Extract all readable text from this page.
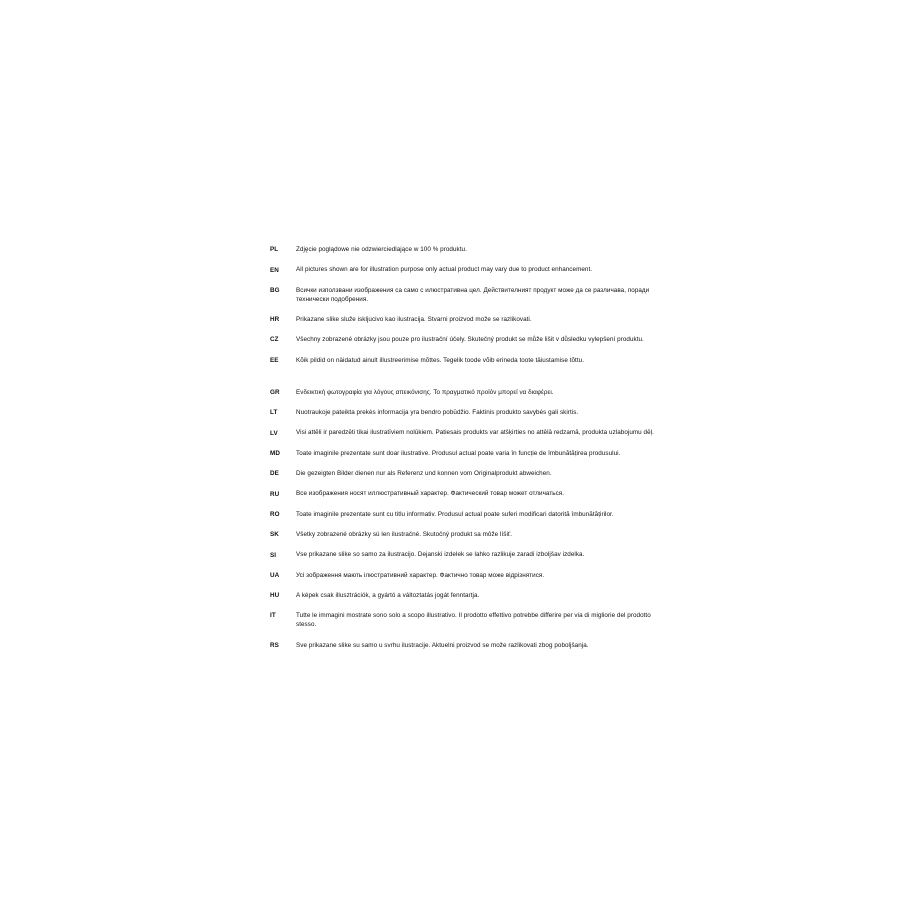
PL	Zdjęcie poglądowe nie odzwierciedlające w 100 % produktu.
EN	All pictures shown are for illustration purpose only actual product may vary due to product enhancement.
BG	Всички използвани изображения са само с илюстративна цел. Действителният продукт може да се различава, поради технически подобрения.
HR	Prikazane slike služe iskljucivo kao ilustracija. Stvarni proizvod može se razlikovati.
CZ	Všechny zobrazené obrázky jsou pouze pro ilustrační účely. Skutečný produkt se může lišit v důsledku vylepšení produktu.
EE	Kõik pildid on näidatud ainult illustreerimise mõttes. Tegelik toode võib erineda toote täiustamise tõttu.
GR	Ενδεικτική φωτογραφία για λόγους απεικόνισης. Το πραγματικό προϊόν μπορεί να διαφέρει.
LT	Nuotraukoje pateikta prekės informacija yra bendro pobūdžio. Faktinis produkto savybės gali skirtis.
LV	Visi attēli ir paredzēti tikai ilustratīviem nolūkiem. Patiesais produkts var atšķirties no attēlā redzamā, produkta uzlabojumu dēļ.
MD	Toate imaginile prezentate sunt doar ilustrative. Produsul actual poate varia în funcție de îmbunătățirea produsului.
DE	Die gezeigten Bilder dienen nur als Referenz und konnen vom Originalprodukt abweichen.
RU	Все изображения носят иллюстративный характер. Фактический товар может отличаться.
RO	Toate imaginile prezentate sunt cu titlu informativ. Produsul actual poate suferi modificari datorită îmbunătățirilor.
SK	Všetky zobrazené obrázky sú len ilustračné. Skutočný produkt sa môže líšiť.
SI	Vse prikazane slike so samo za ilustracijo. Dejanski izdelek se lahko razlikuje zaradi izboljšav izdelka.
UA	Усі зображення мають ілюстративний характер. Фактично товар може відрізнятися.
HU	A képek csak illusztrációk, a gyártó a változtatás jogát fenntartja.
IT	Tutte le immagini mostrate sono solo a scopo illustrativo. Il prodotto effettivo potrebbe differire per via di migliorie del prodotto stesso.
RS	Sve prikazane slike su samo u svrhu ilustracije. Aktuelni proizvod se može razlikovati zbog poboljšanja.
